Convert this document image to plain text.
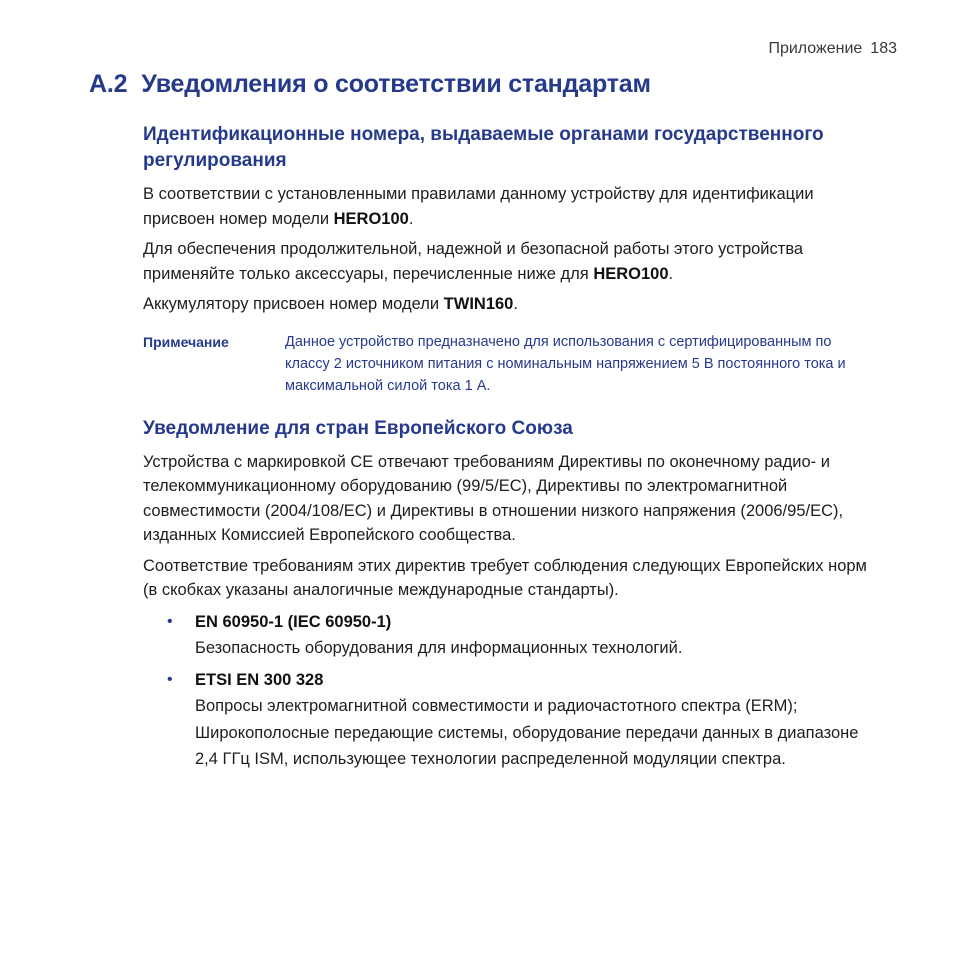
Приложение 183
A.2 Уведомления о соответствии стандартам
Идентификационные номера, выдаваемые органами государственного регулирования

В соответствии с установленными правилами данному устройству для идентификации присвоен номер модели HERO100.

Для обеспечения продолжительной, надежной и безопасной работы этого устройства применяйте только аксессуары, перечисленные ниже для HERO100.

Аккумулятору присвоен номер модели TWIN160.

Примечание	Данное устройство предназначено для использования с сертифицированным по классу 2 источником питания с номинальным напряжением 5 В постоянного тока и максимальной силой тока 1 А.
Уведомление для стран Европейского Союза

Устройства с маркировкой CE отвечают требованиям Директивы по оконечному радио- и телекоммуникационному оборудованию (99/5/EC), Директивы по электромагнитной совместимости (2004/108/EC) и Директивы в отношении низкого напряжения (2006/95/EC), изданных Комиссией Европейского сообщества.

Соответствие требованиям этих директив требует соблюдения следующих Европейских норм (в скобках указаны аналогичные международные стандарты).

• EN 60950-1 (IEC 60950-1)
Безопасность оборудования для информационных технологий.
• ETSI EN 300 328
Вопросы электромагнитной совместимости и радиочастотного спектра (ERM); Широкополосные передающие системы, оборудование передачи данных в диапазоне 2,4 ГГц ISM, использующее технологии распределенной модуляции спектра.
